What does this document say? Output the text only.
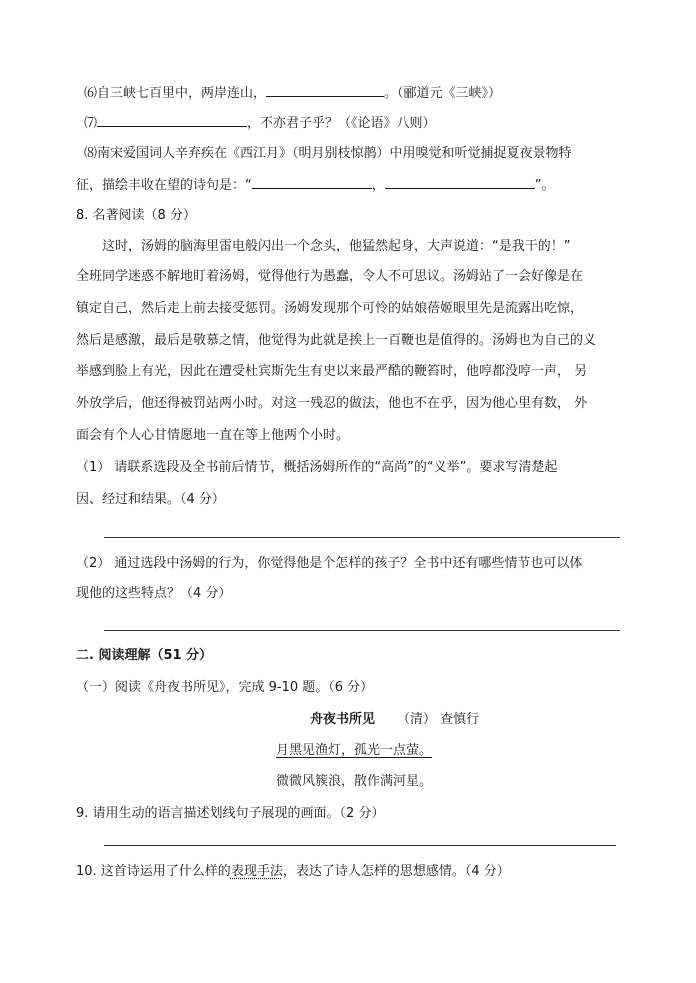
⑹自三峡七百里中，两岸连山，	。（郦道元《三峡》）
⑺	，不亦君子乎？（《论语》八则）
⑻南宋爱国词人辛弃疾在《西江月》（明月别枝惊鹊）中用嗅觉和听觉捕捉夏夜景物特
征，描绘丰收在望的诗句是：“	，	”。
8. 名著阅读（8 分）
这时，汤姆的脑海里雷电般闪出一个念头，他猛然起身，大声说道：“是我干的！”
全班同学迷惑不解地盯着汤姆，觉得他行为愚蠢，令人不可思议。汤姆站了一会好像是在
镇定自己，然后走上前去接受惩罚。汤姆发现那个可怜的姑娘蓓姬眼里先是流露出吃惊，
然后是感激，最后是敬慕之情，他觉得为此就是挨上一百鞭也是值得的。汤姆也为自己的义
举感到脸上有光，因此在遭受杜宾斯先生有史以来最严酷的鞭笞时，他哼都没哼一声， 另
外放学后，他还得被罚站两小时。对这一残忍的做法，他也不在乎，因为他心里有数， 外
面会有个人心甘情愿地一直在等上他两个小时。
（1） 请联系选段及全书前后情节，概括汤姆所作的“高尚”的“义举”。要求写清楚起
因、经过和结果。（4 分）
（2） 通过选段中汤姆的行为，你觉得他是个怎样的孩子？全书中还有哪些情节也可以体
现他的这些特点？（4 分）
二. 阅读理解（51 分）
（一）阅读《舟夜书所见》，完成 9-10 题。（6 分）
舟夜书所见 （清） 查慎行
月黑见渔灯，孤光一点萤。
微微风簇浪，散作满河星。
9. 请用生动的语言描述划线句子展现的画面。（2 分）
10. 这首诗运用了什么样的表现手法，表达了诗人怎样的思想感情。（4 分）
